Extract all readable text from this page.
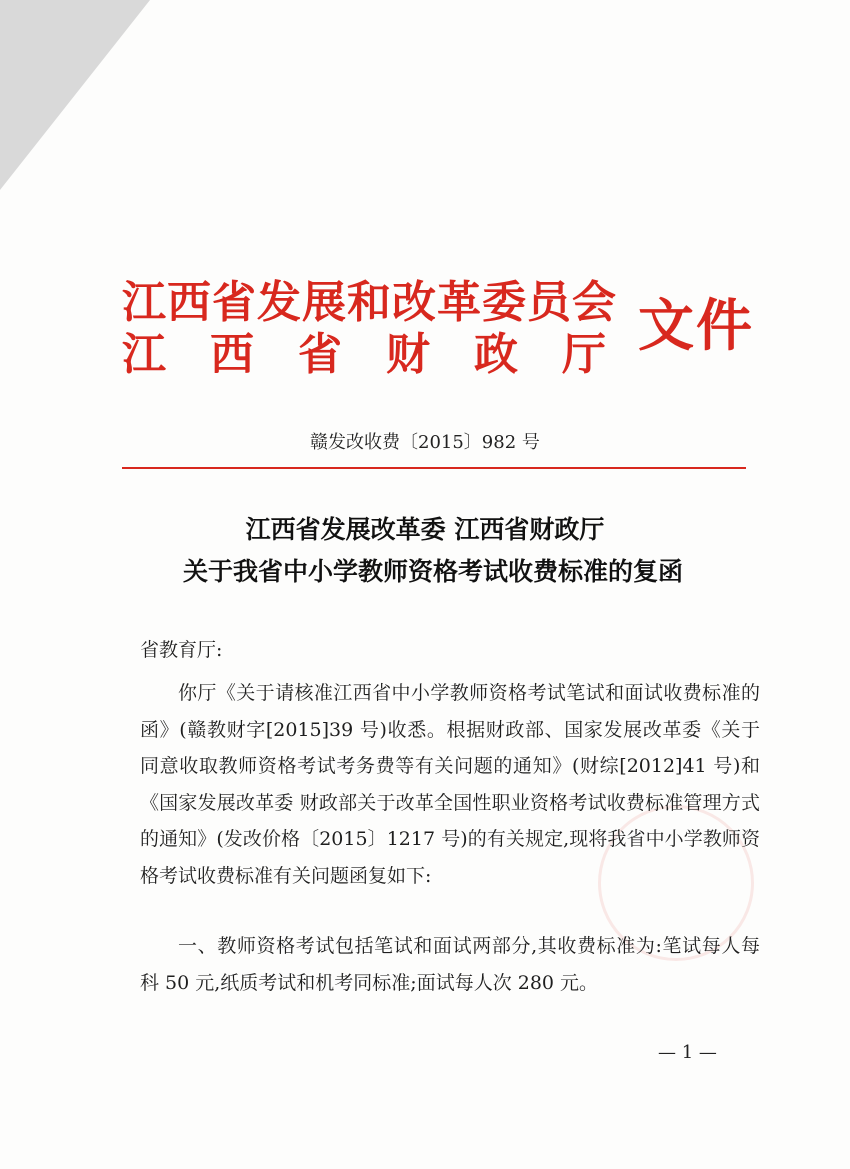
江西省发展和改革委员会
江 西 省 财 政 厅 文件
赣发改收费〔2015〕982 号
江西省发展改革委 江西省财政厅
关于我省中小学教师资格考试收费标准的复函
省教育厅:
你厅《关于请核准江西省中小学教师资格考试笔试和面试收费标准的函》(赣教财字[2015]39 号)收悉。根据财政部、国家发展改革委《关于同意收取教师资格考试考务费等有关问题的通知》(财综[2012]41 号)和《国家发展改革委 财政部关于改革全国性职业资格考试收费标准管理方式的通知》(发改价格〔2015〕1217 号)的有关规定,现将我省中小学教师资格考试收费标准有关问题函复如下:
一、教师资格考试包括笔试和面试两部分,其收费标准为:笔试每人每科 50 元,纸质考试和机考同标准;面试每人次 280 元。
— 1 —
